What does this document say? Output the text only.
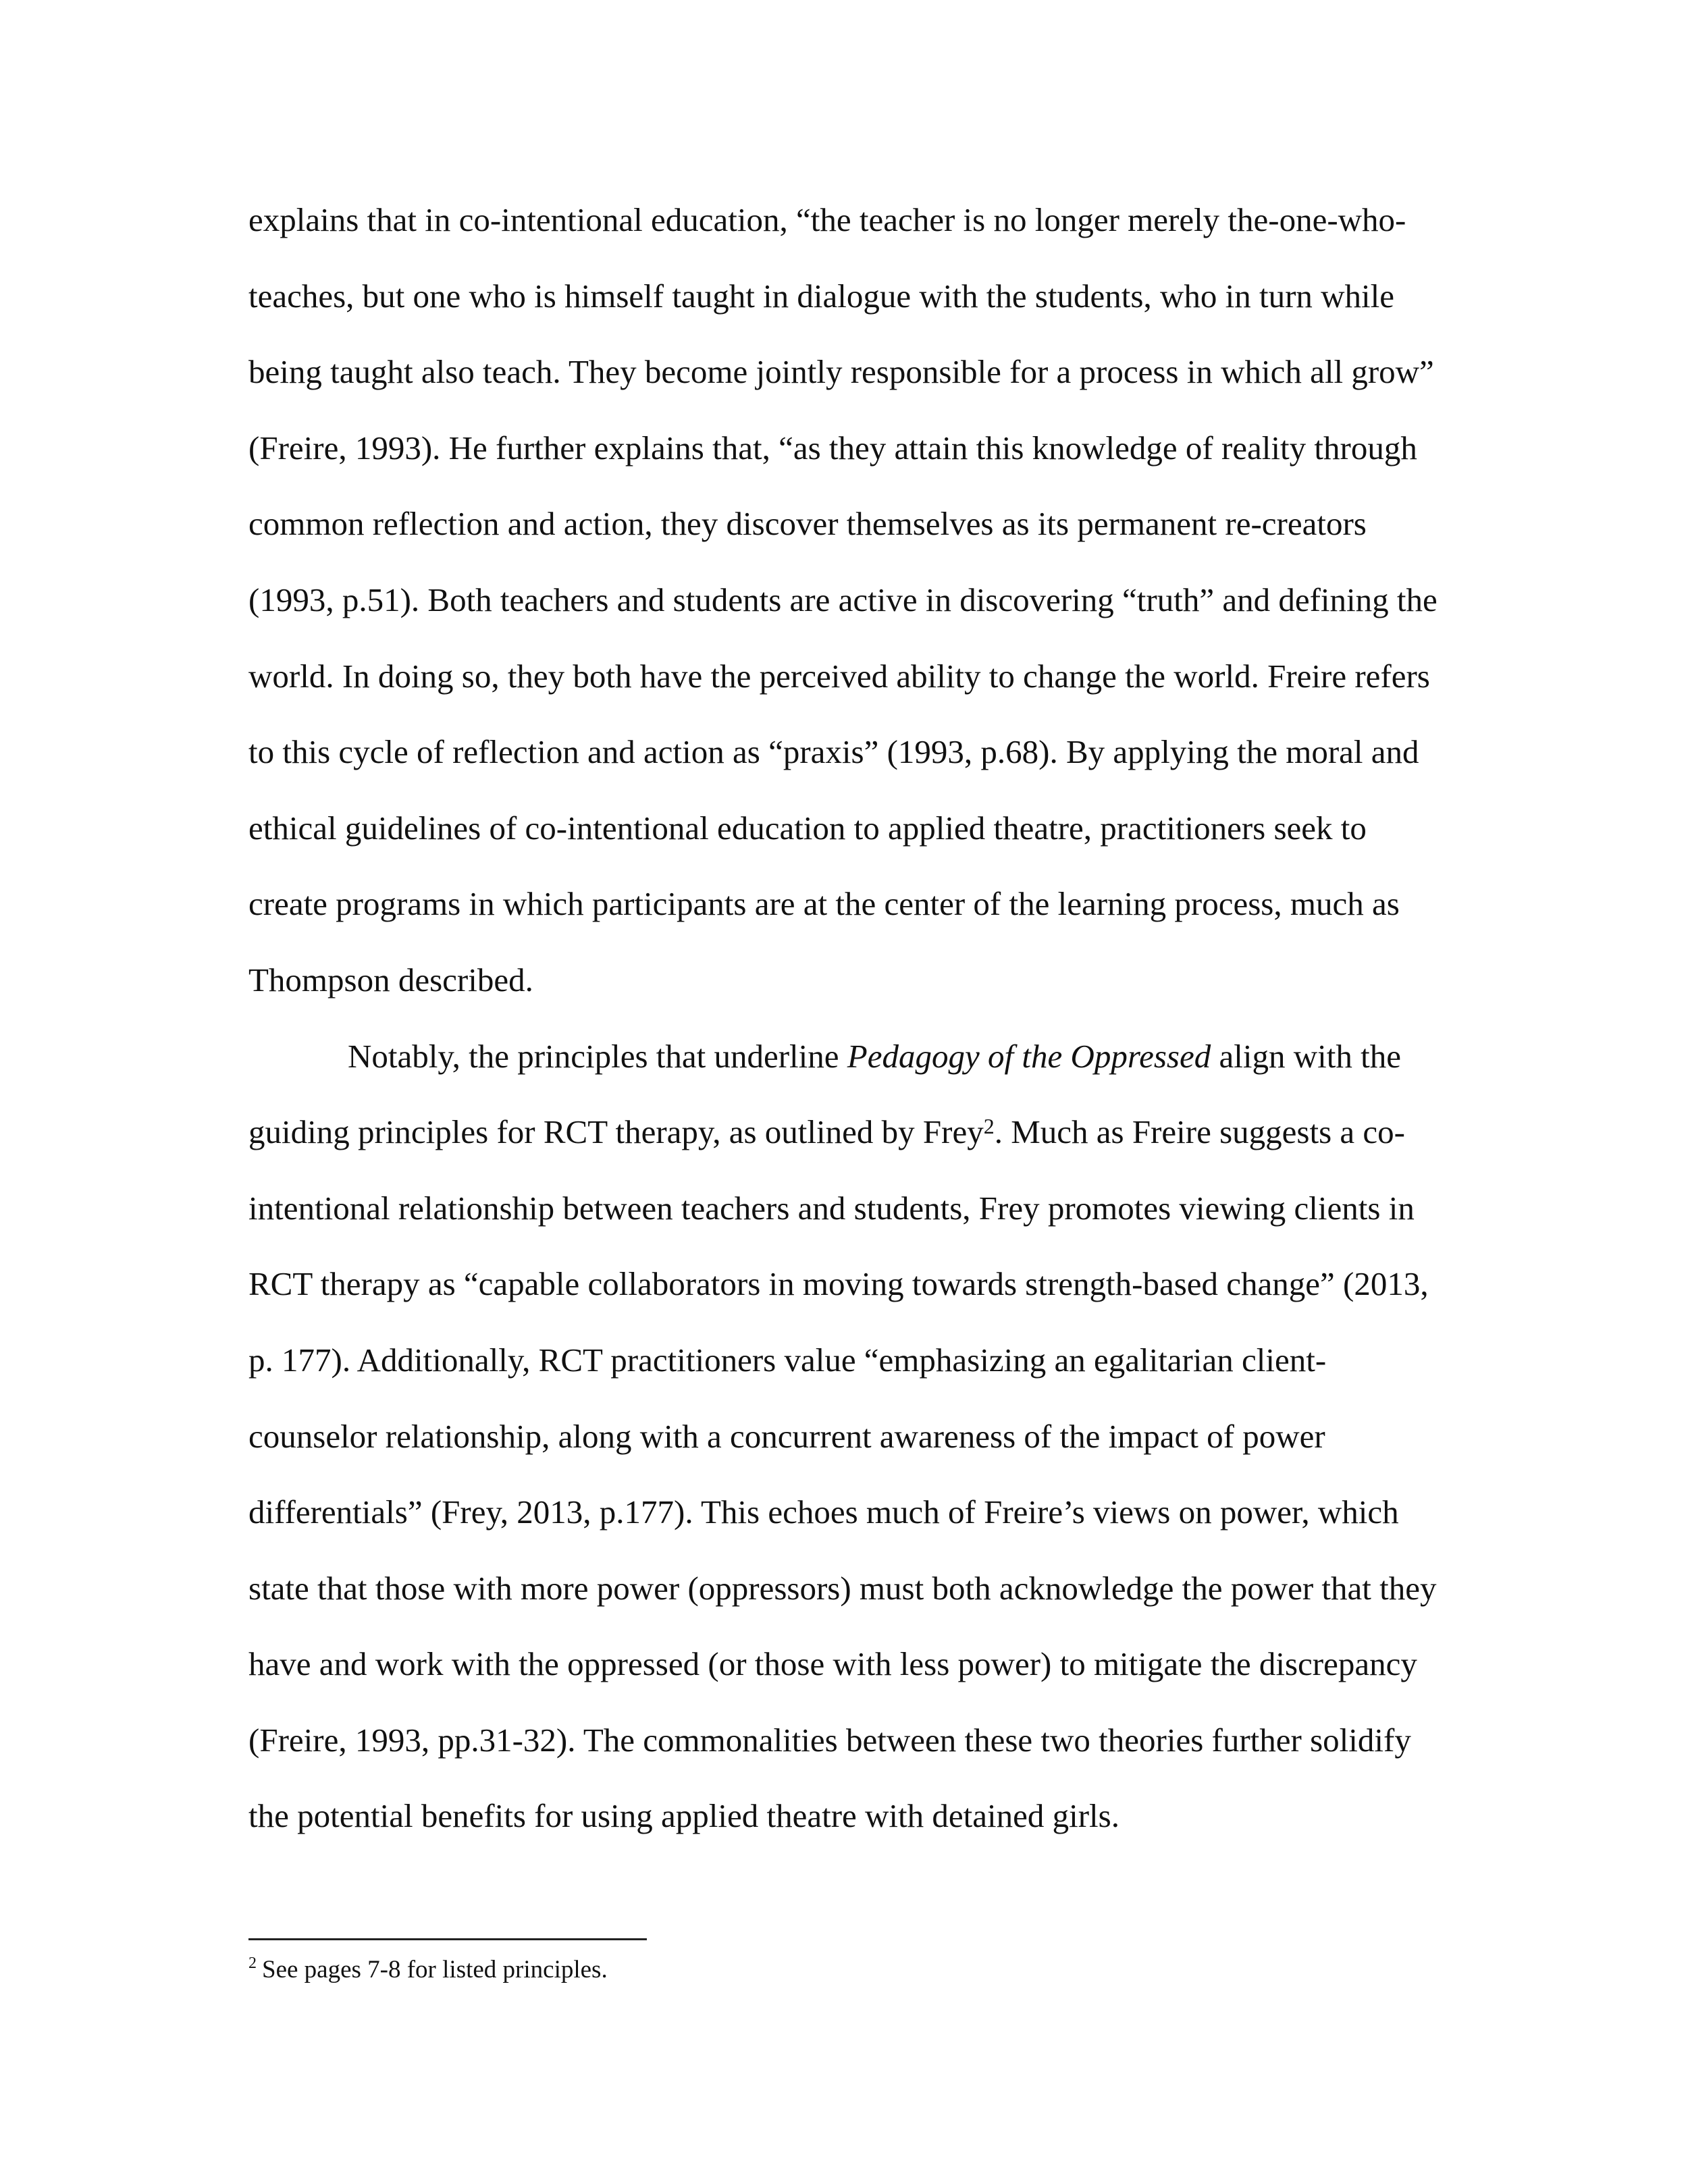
explains that in co-intentional education, “the teacher is no longer merely the-one-who-
teaches, but one who is himself taught in dialogue with the students, who in turn while
being taught also teach. They become jointly responsible for a process in which all grow”
(Freire, 1993). He further explains that, “as they attain this knowledge of reality through
common reflection and action, they discover themselves as its permanent re-creators
(1993, p.51). Both teachers and students are active in discovering “truth” and defining the
world. In doing so, they both have the perceived ability to change the world. Freire refers
to this cycle of reflection and action as “praxis” (1993, p.68). By applying the moral and
ethical guidelines of co-intentional education to applied theatre, practitioners seek to
create programs in which participants are at the center of the learning process, much as
Thompson described.
Notably, the principles that underline Pedagogy of the Oppressed align with the
guiding principles for RCT therapy, as outlined by Frey$^2$. Much as Freire suggests a co-
intentional relationship between teachers and students, Frey promotes viewing clients in
RCT therapy as “capable collaborators in moving towards strength-based change” (2013,
p. 177). Additionally, RCT practitioners value “emphasizing an egalitarian client-
counselor relationship, along with a concurrent awareness of the impact of power
differentials” (Frey, 2013, p.177). This echoes much of Freire’s views on power, which
state that those with more power (oppressors) must both acknowledge the power that they
have and work with the oppressed (or those with less power) to mitigate the discrepancy
(Freire, 1993, pp.31-32). The commonalities between these two theories further solidify
the potential benefits for using applied theatre with detained girls.
$^2$ See pages 7-8 for listed principles.
